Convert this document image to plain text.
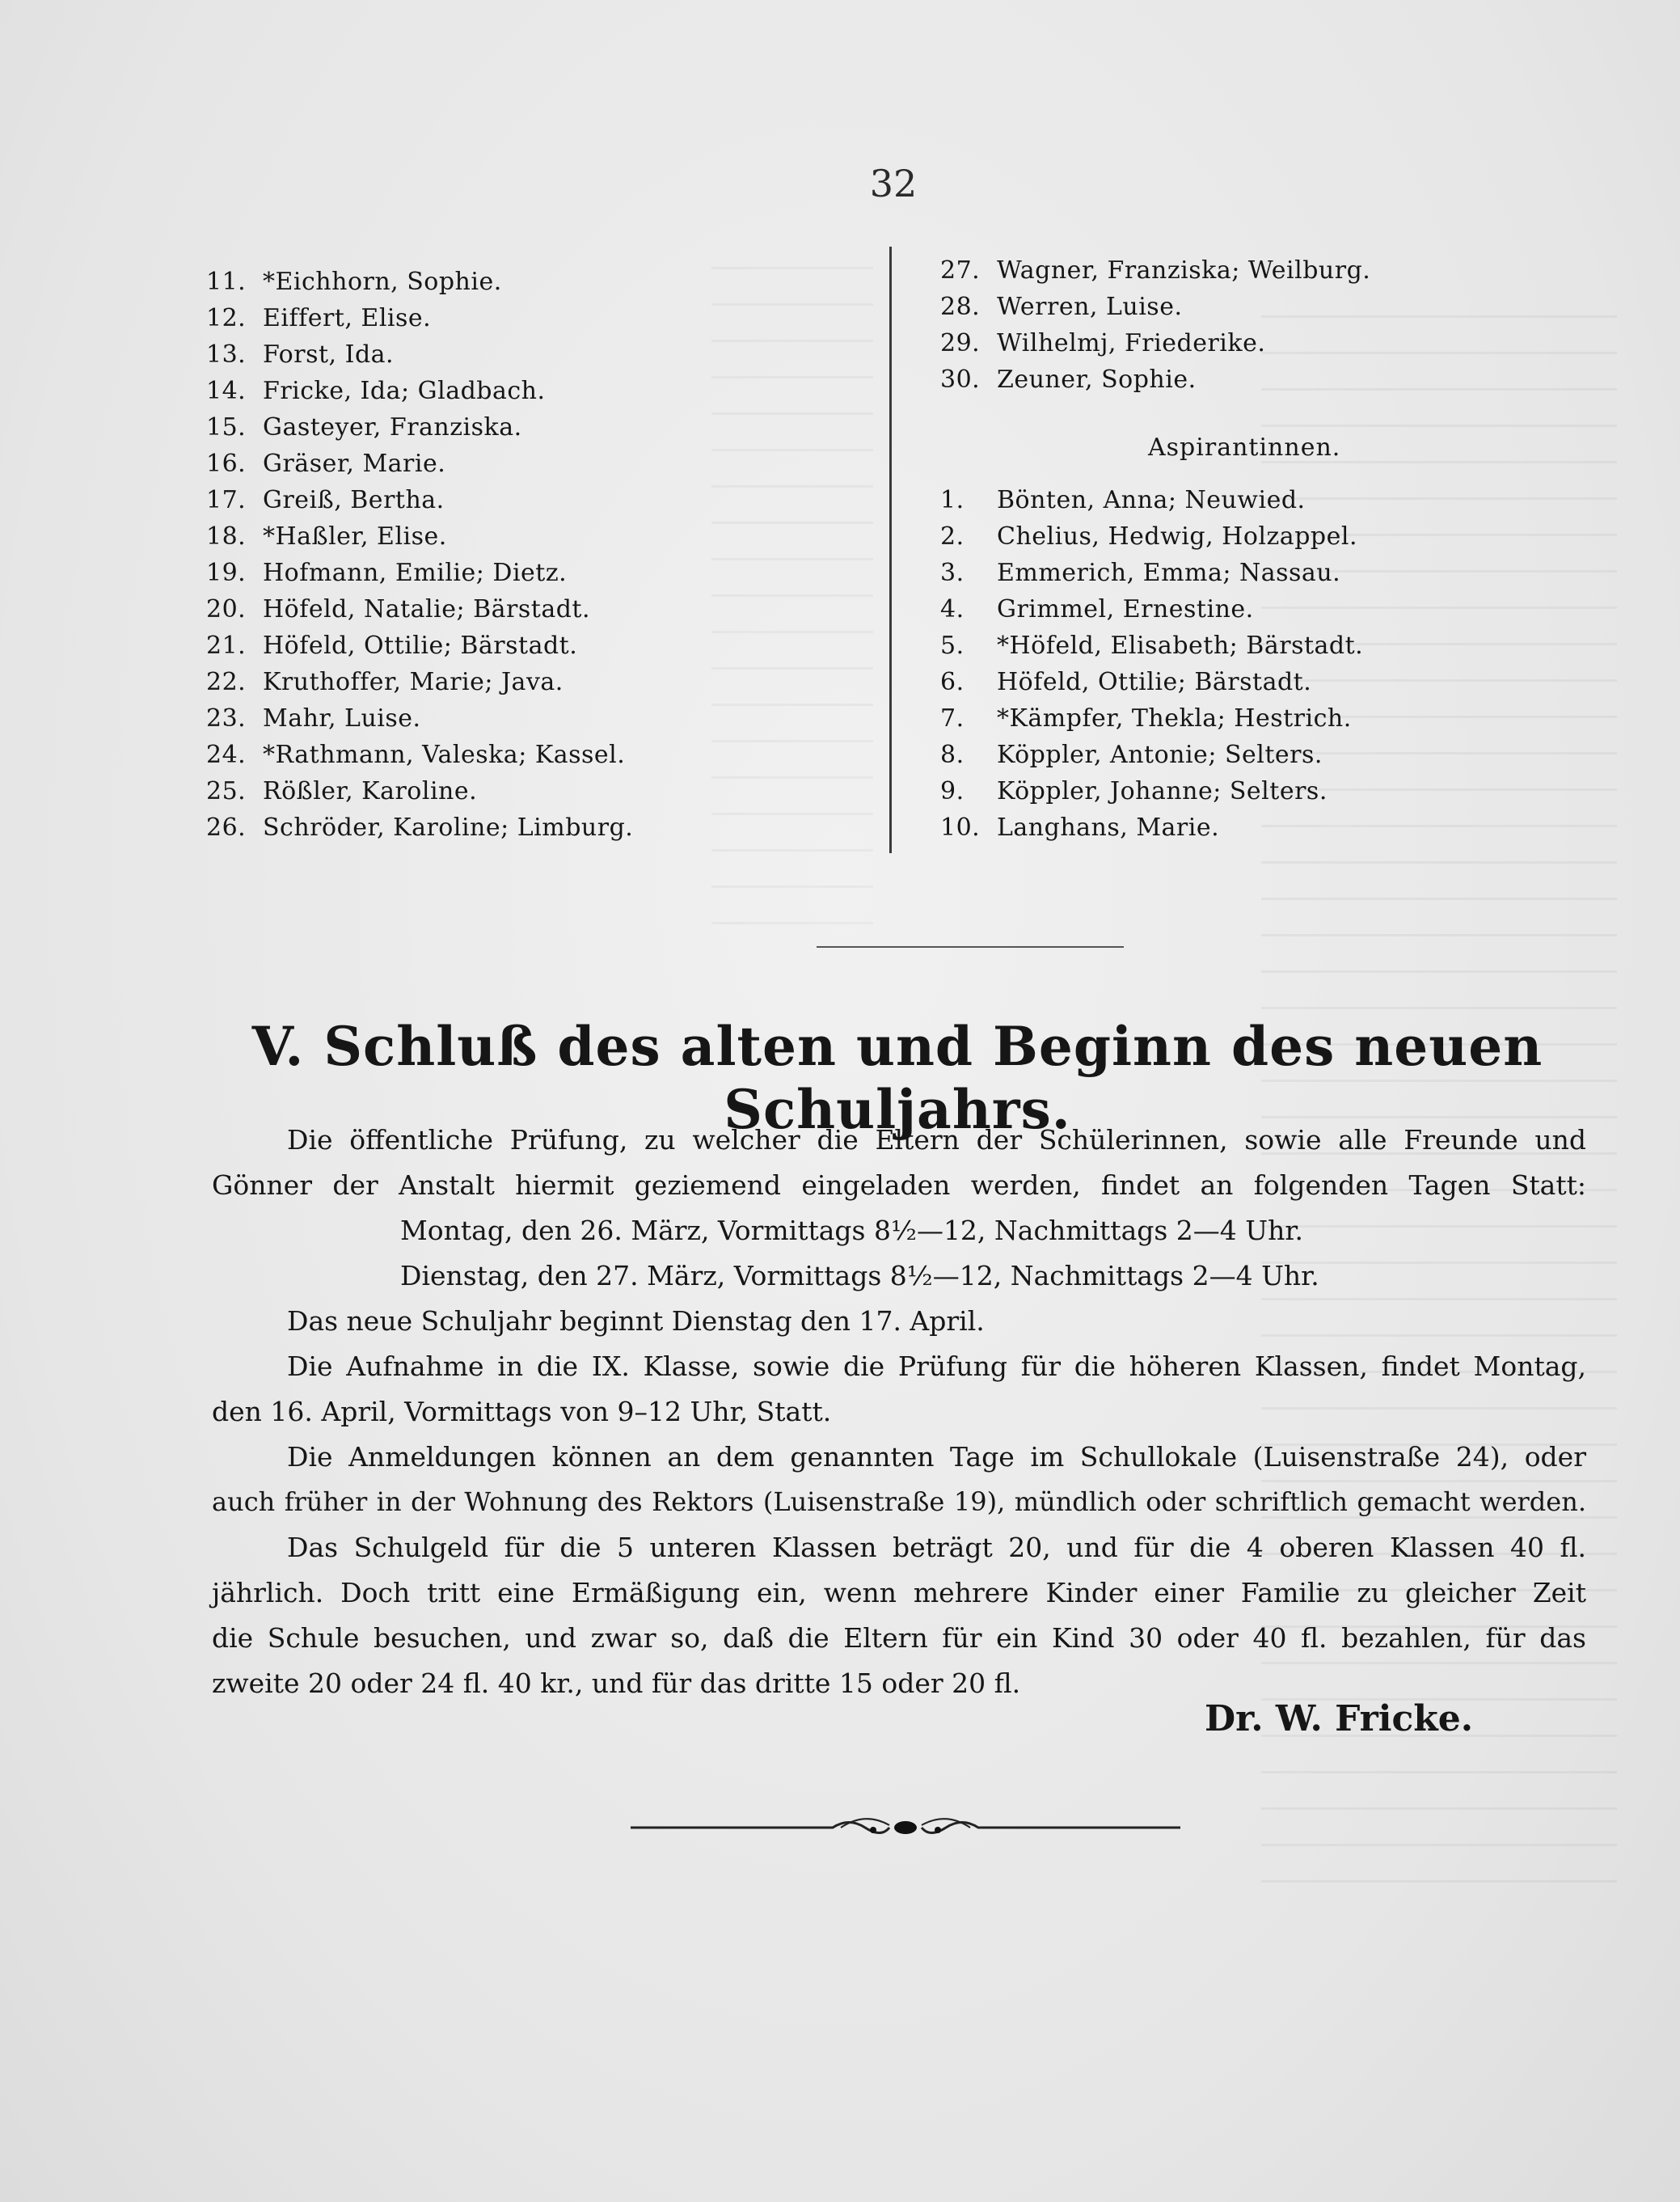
32
11. *Eichhorn, Sophie.
12. Eiffert, Elise.
13. Forst, Ida.
14. Fricke, Ida; Gladbach.
15. Gasteyer, Franziska.
16. Gräser, Marie.
17. Greiß, Bertha.
18. *Haßler, Elise.
19. Hofmann, Emilie; Dietz.
20. Höfeld, Natalie; Bärstadt.
21. Höfeld, Ottilie; Bärstadt.
22. Kruthoffer, Marie; Java.
23. Mahr, Luise.
24. *Rathmann, Valeska; Kassel.
25. Rößler, Karoline.
26. Schröder, Karoline; Limburg.
27. Wagner, Franziska; Weilburg.
28. Werren, Luise.
29. Wilhelmj, Friederike.
30. Zeuner, Sophie.
Aspirantinnen.
1. Bönten, Anna; Neuwied.
2. Chelius, Hedwig, Holzappel.
3. Emmerich, Emma; Nassau.
4. Grimmel, Ernestine.
5. *Höfeld, Elisabeth; Bärstadt.
6. Höfeld, Ottilie; Bärstadt.
7. *Kämpfer, Thekla; Hestrich.
8. Köppler, Antonie; Selters.
9. Köppler, Johanne; Selters.
10. Langhans, Marie.
V. Schluß des alten und Beginn des neuen Schuljahrs.

Die öffentliche Prüfung, zu welcher die Eltern der Schülerinnen, sowie alle Freunde und

Gönner der Anstalt hiermit geziemend eingeladen werden, findet an folgenden Tagen Statt:

Montag, den 26. März, Vormittags 8½—12, Nachmittags 2—4 Uhr.

Dienstag, den 27. März, Vormittags 8½—12, Nachmittags 2—4 Uhr.

Das neue Schuljahr beginnt Dienstag den 17. April.

Die Aufnahme in die IX. Klasse, sowie die Prüfung für die höheren Klassen, findet Montag,

den 16. April, Vormittags von 9–12 Uhr, Statt.

Die Anmeldungen können an dem genannten Tage im Schullokale (Luisenstraße 24), oder

auch früher in der Wohnung des Rektors (Luisenstraße 19), mündlich oder schriftlich gemacht werden.

Das Schulgeld für die 5 unteren Klassen beträgt 20, und für die 4 oberen Klassen 40 fl.

jährlich. Doch tritt eine Ermäßigung ein, wenn mehrere Kinder einer Familie zu gleicher Zeit

die Schule besuchen, und zwar so, daß die Eltern für ein Kind 30 oder 40 fl. bezahlen, für das

zweite 20 oder 24 fl. 40 kr., und für das dritte 15 oder 20 fl.

Dr. W. Fricke.
